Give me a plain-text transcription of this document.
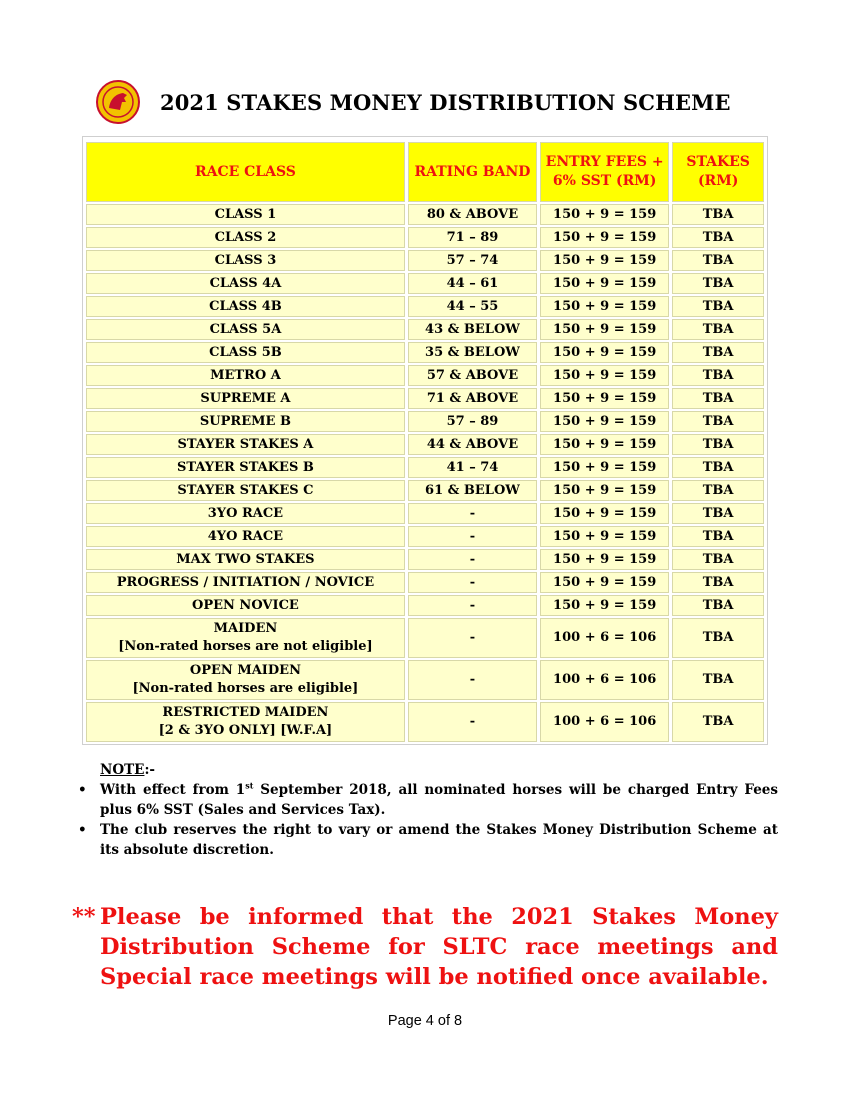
2021 STAKES MONEY DISTRIBUTION SCHEME
RACE CLASS	RATING BAND	ENTRY FEES + 6% SST (RM)	STAKES (RM)
CLASS 1	80 & ABOVE	150 + 9 = 159	TBA
CLASS 2	71 – 89	150 + 9 = 159	TBA
CLASS 3	57 – 74	150 + 9 = 159	TBA
CLASS 4A	44 – 61	150 + 9 = 159	TBA
CLASS 4B	44 – 55	150 + 9 = 159	TBA
CLASS 5A	43 & BELOW	150 + 9 = 159	TBA
CLASS 5B	35 & BELOW	150 + 9 = 159	TBA
METRO A	57 & ABOVE	150 + 9 = 159	TBA
SUPREME A	71 & ABOVE	150 + 9 = 159	TBA
SUPREME B	57 – 89	150 + 9 = 159	TBA
STAYER STAKES A	44 & ABOVE	150 + 9 = 159	TBA
STAYER STAKES B	41 – 74	150 + 9 = 159	TBA
STAYER STAKES C	61 & BELOW	150 + 9 = 159	TBA
3YO RACE	-	150 + 9 = 159	TBA
4YO RACE	-	150 + 9 = 159	TBA
MAX TWO STAKES	-	150 + 9 = 159	TBA
PROGRESS / INITIATION / NOVICE	-	150 + 9 = 159	TBA
OPEN NOVICE	-	150 + 9 = 159	TBA

MAIDEN
[Non-rated horses are not eligible]	-	100 + 6 = 106	TBA

OPEN MAIDEN
[Non-rated horses are eligible]	-	100 + 6 = 106	TBA

RESTRICTED MAIDEN
[2 & 3YO ONLY] [W.F.A]	-	100 + 6 = 106	TBA
NOTE:-
• With effect from 1st September 2018, all nominated horses will be charged Entry Fees plus 6% SST (Sales and Services Tax).
• The club reserves the right to vary or amend the Stakes Money Distribution Scheme at its absolute discretion.
** Please be informed that the 2021 Stakes Money Distribution Scheme for SLTC race meetings and Special race meetings will be notified once available.
Page 4 of 8
